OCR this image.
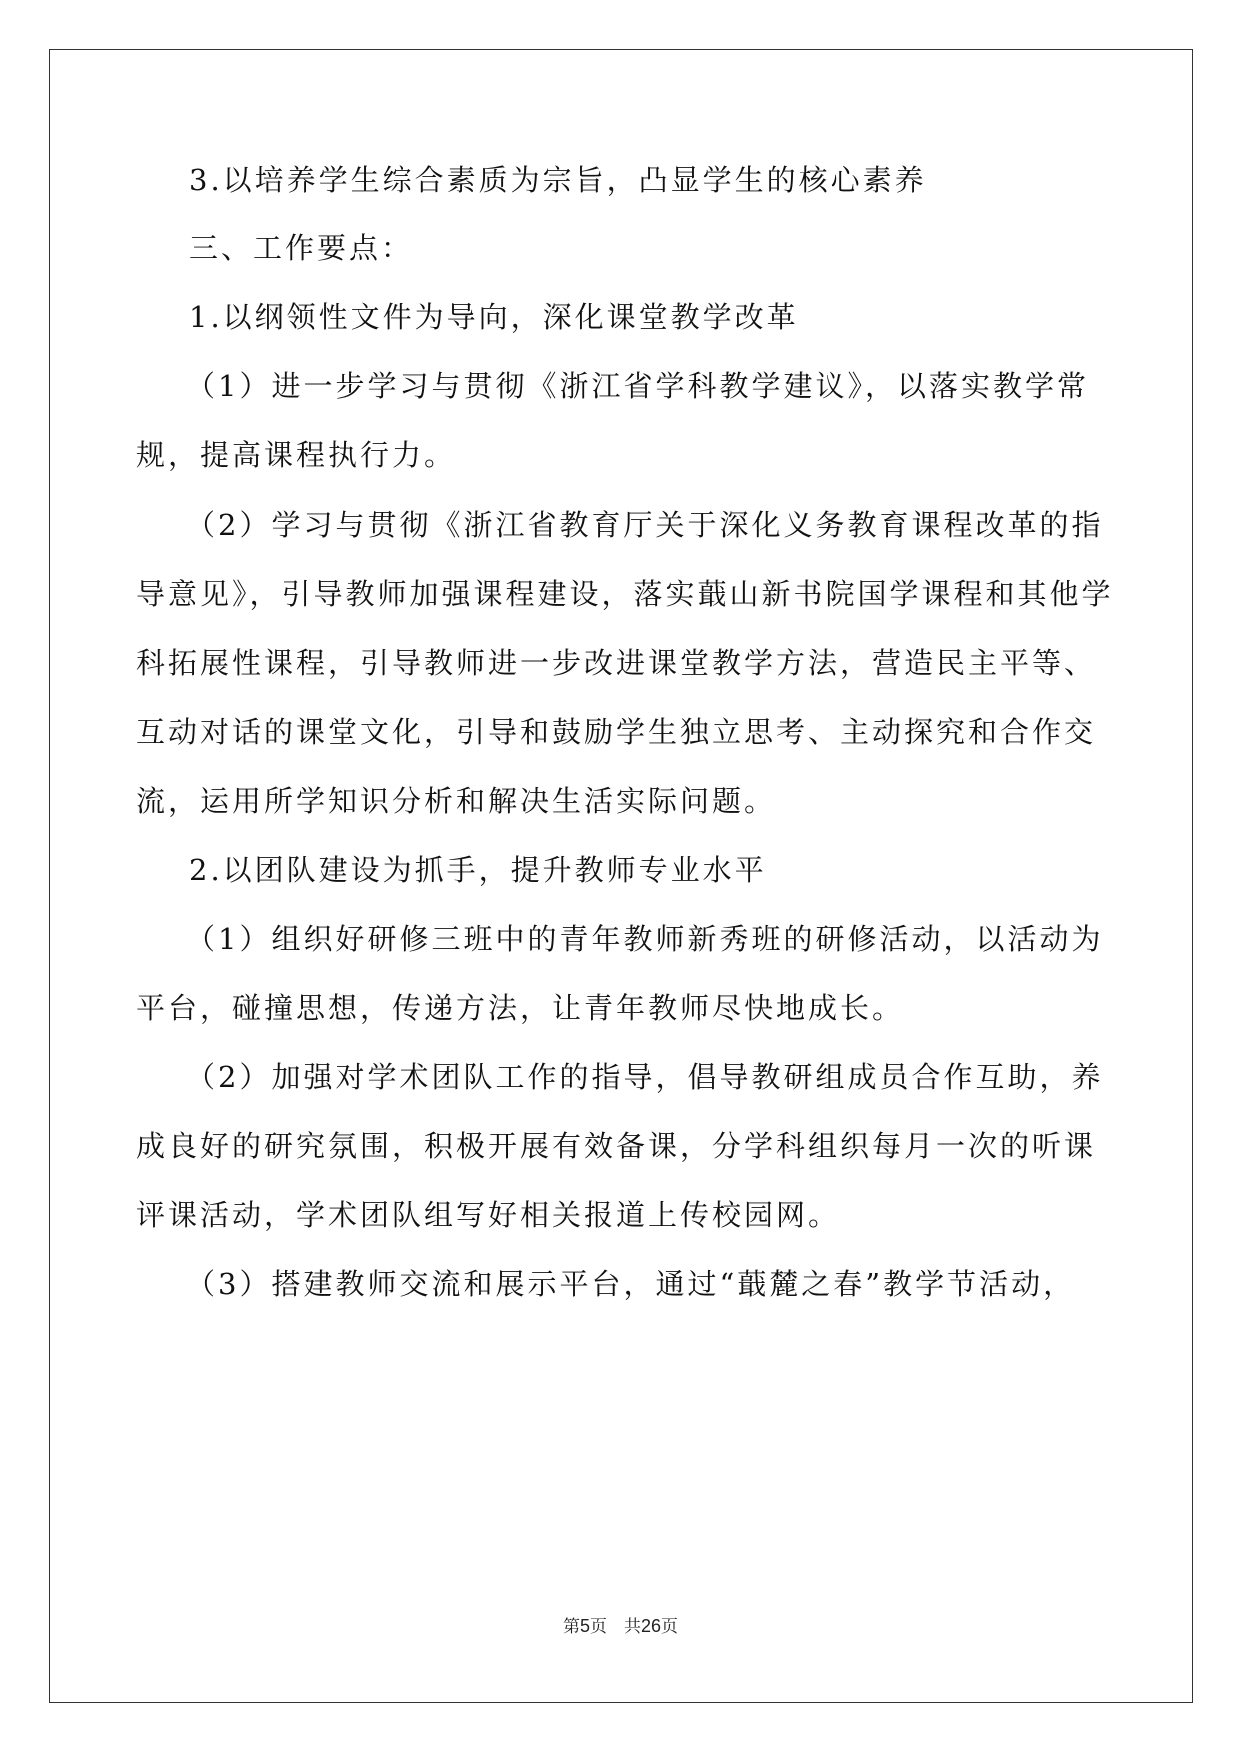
3.以培养学生综合素质为宗旨，凸显学生的核心素养
三、工作要点：
1.以纲领性文件为导向，深化课堂教学改革
（1）进一步学习与贯彻《浙江省学科教学建议》，以落实教学常
规，提高课程执行力。
（2）学习与贯彻《浙江省教育厅关于深化义务教育课程改革的指
导意见》，引导教师加强课程建设，落实蕺山新书院国学课程和其他学
科拓展性课程，引导教师进一步改进课堂教学方法，营造民主平等、
互动对话的课堂文化，引导和鼓励学生独立思考、主动探究和合作交
流，运用所学知识分析和解决生活实际问题。
2.以团队建设为抓手，提升教师专业水平
（1）组织好研修三班中的青年教师新秀班的研修活动，以活动为
平台，碰撞思想，传递方法，让青年教师尽快地成长。
（2）加强对学术团队工作的指导，倡导教研组成员合作互助，养
成良好的研究氛围，积极开展有效备课，分学科组织每月一次的听课
评课活动，学术团队组写好相关报道上传校园网。
（3）搭建教师交流和展示平台，通过“蕺麓之春”教学节活动，
第5页　共26页
